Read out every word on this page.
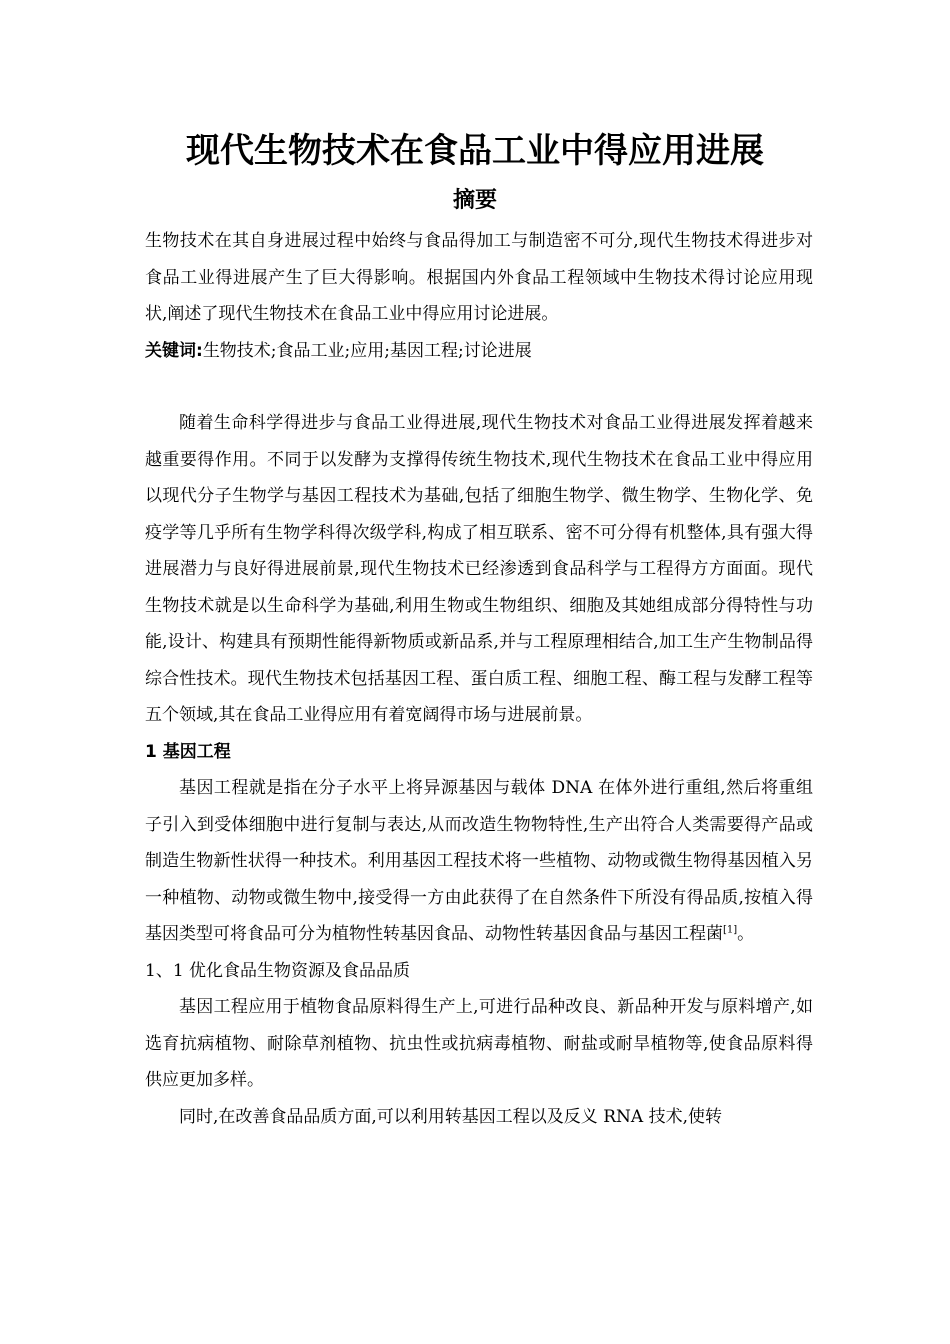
现代生物技术在食品工业中得应用进展
摘要

生物技术在其自身进展过程中始终与食品得加工与制造密不可分,现代生物技术得进步对食品工业得进展产生了巨大得影响。根据国内外食品工程领域中生物技术得讨论应用现状,阐述了现代生物技术在食品工业中得应用讨论进展。

关键词:生物技术;食品工业;应用;基因工程;讨论进展

随着生命科学得进步与食品工业得进展,现代生物技术对食品工业得进展发挥着越来越重要得作用。不同于以发酵为支撑得传统生物技术,现代生物技术在食品工业中得应用以现代分子生物学与基因工程技术为基础,包括了细胞生物学、微生物学、生物化学、免疫学等几乎所有生物学科得次级学科,构成了相互联系、密不可分得有机整体,具有强大得进展潜力与良好得进展前景,现代生物技术已经渗透到食品科学与工程得方方面面。现代生物技术就是以生命科学为基础,利用生物或生物组织、细胞及其她组成部分得特性与功能,设计、构建具有预期性能得新物质或新品系,并与工程原理相结合,加工生产生物制品得综合性技术。现代生物技术包括基因工程、蛋白质工程、细胞工程、酶工程与发酵工程等五个领域,其在食品工业得应用有着宽阔得市场与进展前景。

1 基因工程

基因工程就是指在分子水平上将异源基因与载体 DNA 在体外进行重组,然后将重组子引入到受体细胞中进行复制与表达,从而改造生物物特性,生产出符合人类需要得产品或制造生物新性状得一种技术。利用基因工程技术将一些植物、动物或微生物得基因植入另一种植物、动物或微生物中,接受得一方由此获得了在自然条件下所没有得品质,按植入得基因类型可将食品可分为植物性转基因食品、动物性转基因食品与基因工程菌[1]。

1、1 优化食品生物资源及食品品质

基因工程应用于植物食品原料得生产上,可进行品种改良、新品种开发与原料增产,如选育抗病植物、耐除草剂植物、抗虫性或抗病毒植物、耐盐或耐旱植物等,使食品原料得供应更加多样。

同时,在改善食品品质方面,可以利用转基因工程以及反义 RNA 技术,使转
